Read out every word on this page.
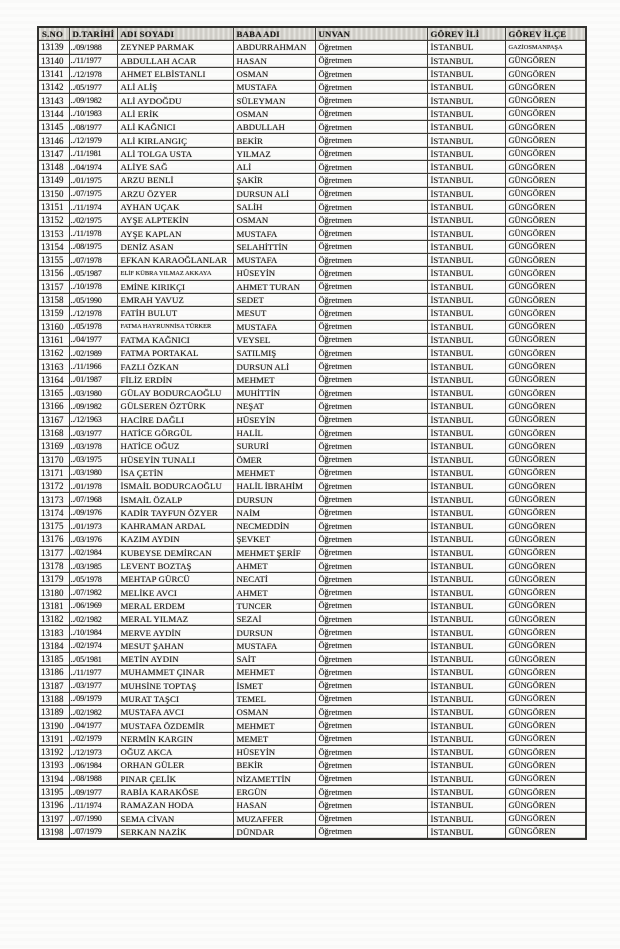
S.NO	D.TARİHİ	ADI SOYADI	BABA ADI	UNVAN	GÖREV İLİ	GÖREV İLÇE
13139	../09/1988	ZEYNEP PARMAK	ABDURRAHMAN	Öğretmen	İSTANBUL	GAZİOSMANPAŞA
13140	../11/1977	ABDULLAH ACAR	HASAN	Öğretmen	İSTANBUL	GÜNGÖREN
13141	../12/1978	AHMET ELBİSTANLI	OSMAN	Öğretmen	İSTANBUL	GÜNGÖREN
13142	../05/1977	ALİ ALİŞ	MUSTAFA	Öğretmen	İSTANBUL	GÜNGÖREN
13143	../09/1982	ALİ AYDOĞDU	SÜLEYMAN	Öğretmen	İSTANBUL	GÜNGÖREN
13144	../10/1983	ALİ ERİK	OSMAN	Öğretmen	İSTANBUL	GÜNGÖREN
13145	../08/1977	ALİ KAĞNICI	ABDULLAH	Öğretmen	İSTANBUL	GÜNGÖREN
13146	../12/1979	ALİ KIRLANGIÇ	BEKİR	Öğretmen	İSTANBUL	GÜNGÖREN
13147	../11/1981	ALİ TOLGA USTA	YILMAZ	Öğretmen	İSTANBUL	GÜNGÖREN
13148	../04/1974	ALİYE SAĞ	ALİ	Öğretmen	İSTANBUL	GÜNGÖREN
13149	../01/1975	ARZU BENLİ	ŞAKİR	Öğretmen	İSTANBUL	GÜNGÖREN
13150	../07/1975	ARZU ÖZYER	DURSUN ALİ	Öğretmen	İSTANBUL	GÜNGÖREN
13151	../11/1974	AYHAN UÇAK	SALİH	Öğretmen	İSTANBUL	GÜNGÖREN
13152	../02/1975	AYŞE ALPTEKİN	OSMAN	Öğretmen	İSTANBUL	GÜNGÖREN
13153	../11/1978	AYŞE KAPLAN	MUSTAFA	Öğretmen	İSTANBUL	GÜNGÖREN
13154	../08/1975	DENİZ ASAN	SELAHİTTİN	Öğretmen	İSTANBUL	GÜNGÖREN
13155	../07/1978	EFKAN KARAOĞLANLAR	MUSTAFA	Öğretmen	İSTANBUL	GÜNGÖREN
13156	../05/1987	ELİF KÜBRA YILMAZ AKKAYA	HÜSEYİN	Öğretmen	İSTANBUL	GÜNGÖREN
13157	../10/1978	EMİNE KIRIKÇI	AHMET TURAN	Öğretmen	İSTANBUL	GÜNGÖREN
13158	../05/1990	EMRAH YAVUZ	SEDET	Öğretmen	İSTANBUL	GÜNGÖREN
13159	../12/1978	FATİH BULUT	MESUT	Öğretmen	İSTANBUL	GÜNGÖREN
13160	../05/1978	FATMA HAYRUNNİSA TÜRKER	MUSTAFA	Öğretmen	İSTANBUL	GÜNGÖREN
13161	../04/1977	FATMA KAĞNICI	VEYSEL	Öğretmen	İSTANBUL	GÜNGÖREN
13162	../02/1989	FATMA PORTAKAL	SATILMIŞ	Öğretmen	İSTANBUL	GÜNGÖREN
13163	../11/1966	FAZLI ÖZKAN	DURSUN ALİ	Öğretmen	İSTANBUL	GÜNGÖREN
13164	../01/1987	FİLİZ ERDİN	MEHMET	Öğretmen	İSTANBUL	GÜNGÖREN
13165	../03/1980	GÜLAY BODURCAOĞLU	MUHİTTİN	Öğretmen	İSTANBUL	GÜNGÖREN
13166	../09/1982	GÜLSEREN ÖZTÜRK	NEŞAT	Öğretmen	İSTANBUL	GÜNGÖREN
13167	../12/1963	HACİRE DAĞLI	HÜSEYİN	Öğretmen	İSTANBUL	GÜNGÖREN
13168	../03/1977	HATİCE GÖRGÜL	HALİL	Öğretmen	İSTANBUL	GÜNGÖREN
13169	../03/1978	HATİCE OĞUZ	SURURİ	Öğretmen	İSTANBUL	GÜNGÖREN
13170	../03/1975	HÜSEYİN TUNALI	ÖMER	Öğretmen	İSTANBUL	GÜNGÖREN
13171	../03/1980	İSA ÇETİN	MEHMET	Öğretmen	İSTANBUL	GÜNGÖREN
13172	../01/1978	İSMAİL BODURCAOĞLU	HALİL İBRAHİM	Öğretmen	İSTANBUL	GÜNGÖREN
13173	../07/1968	İSMAİL ÖZALP	DURSUN	Öğretmen	İSTANBUL	GÜNGÖREN
13174	../09/1976	KADİR TAYFUN ÖZYER	NAİM	Öğretmen	İSTANBUL	GÜNGÖREN
13175	../01/1973	KAHRAMAN ARDAL	NECMEDDİN	Öğretmen	İSTANBUL	GÜNGÖREN
13176	../03/1976	KAZIM AYDIN	ŞEVKET	Öğretmen	İSTANBUL	GÜNGÖREN
13177	../02/1984	KUBEYSE DEMİRCAN	MEHMET ŞERİF	Öğretmen	İSTANBUL	GÜNGÖREN
13178	../03/1985	LEVENT BOZTAŞ	AHMET	Öğretmen	İSTANBUL	GÜNGÖREN
13179	../05/1978	MEHTAP GÜRCÜ	NECATİ	Öğretmen	İSTANBUL	GÜNGÖREN
13180	../07/1982	MELİKE AVCI	AHMET	Öğretmen	İSTANBUL	GÜNGÖREN
13181	../06/1969	MERAL ERDEM	TUNCER	Öğretmen	İSTANBUL	GÜNGÖREN
13182	../02/1982	MERAL YILMAZ	SEZAİ	Öğretmen	İSTANBUL	GÜNGÖREN
13183	../10/1984	MERVE AYDİN	DURSUN	Öğretmen	İSTANBUL	GÜNGÖREN
13184	../02/1974	MESUT ŞAHAN	MUSTAFA	Öğretmen	İSTANBUL	GÜNGÖREN
13185	../05/1981	METİN AYDIN	SAİT	Öğretmen	İSTANBUL	GÜNGÖREN
13186	../11/1977	MUHAMMET ÇINAR	MEHMET	Öğretmen	İSTANBUL	GÜNGÖREN
13187	../03/1977	MUHSİNE TOPTAŞ	İSMET	Öğretmen	İSTANBUL	GÜNGÖREN
13188	../09/1979	MURAT TAŞCI	TEMEL	Öğretmen	İSTANBUL	GÜNGÖREN
13189	../02/1982	MUSTAFA AVCI	OSMAN	Öğretmen	İSTANBUL	GÜNGÖREN
13190	../04/1977	MUSTAFA ÖZDEMİR	MEHMET	Öğretmen	İSTANBUL	GÜNGÖREN
13191	../02/1979	NERMİN KARGIN	MEMET	Öğretmen	İSTANBUL	GÜNGÖREN
13192	../12/1973	OĞUZ AKCA	HÜSEYİN	Öğretmen	İSTANBUL	GÜNGÖREN
13193	../06/1984	ORHAN GÜLER	BEKİR	Öğretmen	İSTANBUL	GÜNGÖREN
13194	../08/1988	PINAR ÇELİK	NİZAMETTİN	Öğretmen	İSTANBUL	GÜNGÖREN
13195	../09/1977	RABİA KARAKÖSE	ERGÜN	Öğretmen	İSTANBUL	GÜNGÖREN
13196	../11/1974	RAMAZAN HODA	HASAN	Öğretmen	İSTANBUL	GÜNGÖREN
13197	../07/1990	SEMA CİVAN	MUZAFFER	Öğretmen	İSTANBUL	GÜNGÖREN
13198	../07/1979	SERKAN NAZİK	DÜNDAR	Öğretmen	İSTANBUL	GÜNGÖREN
